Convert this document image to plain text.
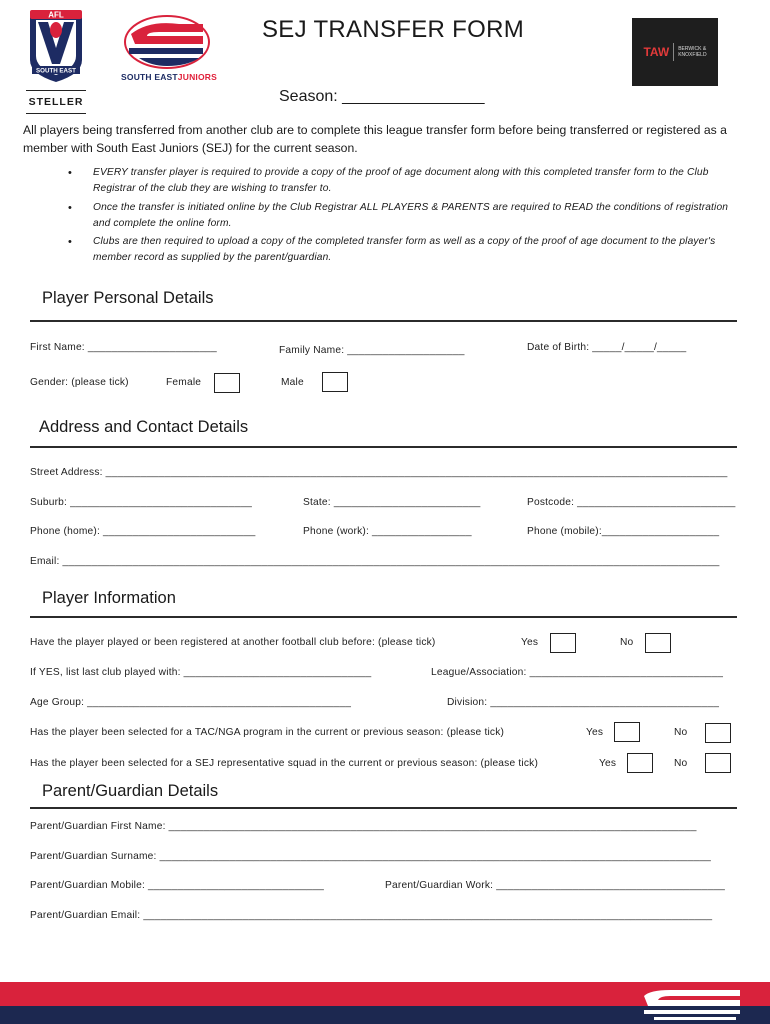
AFL
SOUTH EAST
STELLER
SOUTH EASTJUNIORS
SEJ TRANSFER FORM
TAW BERWICK &
KNOXFIELD
Season: ________________
All players being transferred from another club are to complete this league transfer form before being transferred or registered as a member with South East Juniors (SEJ) for the current season.
• EVERY transfer player is required to provide a copy of the proof of age document along with this completed transfer form to the Club Registrar of the club they are wishing to transfer to.
• Once the transfer is initiated online by the Club Registrar ALL PLAYERS & PARENTS are required to READ the conditions of registration and complete the online form.
• Clubs are then required to upload a copy of the completed transfer form as well as a copy of the proof of age document to the player's member record as supplied by the parent/guardian.
Player Personal Details
First Name: ______________________	Family Name: ____________________	Date of Birth: _____/_____/_____
Gender: (please tick)	Female	Male
Address and Contact Details
Street Address: __________________________________________________________________________________________________________
Suburb: _______________________________	State: _________________________	Postcode: ___________________________
Phone (home): __________________________	Phone (work): _________________	Phone (mobile):____________________
Email: ________________________________________________________________________________________________________________
Player Information
Have the player played or been registered at another football club before: (please tick)	Yes	No
If YES, list last club played with: ________________________________	League/Association: _________________________________
Age Group: _____________________________________________	Division: _______________________________________
Has the player been selected for a TAC/NGA program in the current or previous season: (please tick)	Yes	No
Has the player been selected for a SEJ representative squad in the current or previous season: (please tick)	Yes	No
Parent/Guardian Details
Parent/Guardian First Name: __________________________________________________________________________________________
Parent/Guardian Surname: ______________________________________________________________________________________________
Parent/Guardian Mobile: ______________________________	Parent/Guardian Work: _______________________________________
Parent/Guardian Email: _________________________________________________________________________________________________
